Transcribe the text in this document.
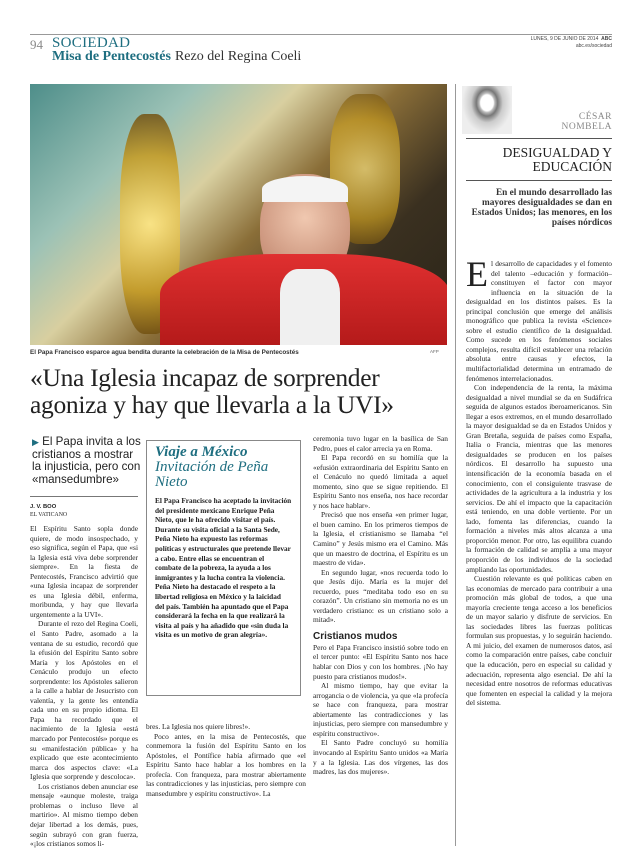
94 SOCIEDAD
Misa de Pentecostés Rezo del Regina Coeli
LUNES, 9 DE JUNIO DE 2014 ABC
abc.es/sociedad
El Papa Francisco esparce agua bendita durante la celebración de la Misa de Pentecostés	AFP
«Una Iglesia incapaz de sorprender agoniza y hay que llevarla a la UVI»
▶ El Papa invita a los cristianos a mostrar la injusticia, pero con «mansedumbre»
J. V. BOO
EL VATICANO

El Espíritu Santo sopla donde quiere, de modo insospechado, y eso significa, según el Papa, que «si la Iglesia está viva debe sorprender siempre». En la fiesta de Pentecostés, Francisco advirtió que «una Iglesia incapaz de sorprender es una Iglesia débil, enferma, moribunda, y hay que llevarla urgentemente a la UVI».

Durante el rezo del Regina Coeli, el Santo Padre, asomado a la ventana de su estudio, recordó que la efusión del Espíritu Santo sobre María y los Apóstoles en el Cenáculo produjo un efecto sorprendente: los Apóstoles salieron a la calle a hablar de Jesucristo con valentía, y la gente les entendía cada uno en su propio idioma. El Papa ha recordado que el nacimiento de la Iglesia «está marcado por Pentecostés» porque es su «manifestación pública» y ha explicado que este acontecimiento marca dos aspectos clave: «La Iglesia que sorprende y descoloca».

Los cristianos deben anunciar ese mensaje «aunque moleste, traiga problemas o incluso lleve al martirio». Al mismo tiempo deben dejar libertad a los demás, pues, según subrayó con gran fuerza, «¡los cristianos somos li-

Viaje a México
Invitación de Peña Nieto
El Papa Francisco ha aceptado la invitación del presidente mexicano Enrique Peña Nieto, que le ha ofrecido visitar el país. Durante su visita oficial a la Santa Sede, Peña Nieto ha expuesto las reformas políticas y estructurales que pretende llevar a cabo. Entre ellas se encuentran el combate de la pobreza, la ayuda a los inmigrantes y la lucha contra la violencia. Peña Nieto ha destacado el respeto a la libertad religiosa en México y la laicidad del país. También ha apuntado que el Papa considerará la fecha en la que realizará la visita al país y ha añadido que «sin duda la visita es un motivo de gran alegría».

bres. La Iglesia nos quiere libres!».

Poco antes, en la misa de Pentecostés, que conmemora la fusión del Espíritu Santo en los Apóstoles, el Pontífice había afirmado que «el Espíritu Santo hace hablar a los hombres en la profecía. Con franqueza, para mostrar abiertamente las contradicciones y las injusticias, pero siempre con mansedumbre y espíritu constructivo». La

ceremonia tuvo lugar en la basílica de San Pedro, pues el calor arrecia ya en Roma.

El Papa recordó en su homilía que la «efusión extraordinaria del Espíritu Santo en el Cenáculo no quedó limitada a aquel momento, sino que se sigue repitiendo. El Espíritu Santo nos enseña, nos hace recordar y nos hace hablar».

Precisó que nos enseña «en primer lugar, el buen camino. En los primeros tiempos de la Iglesia, el cristianismo se llamaba “el Camino” y Jesús mismo era el Camino. Más que un maestro de doctrina, el Espíritu es un maestro de vida».

En segundo lugar, «nos recuerda todo lo que Jesús dijo. María es la mujer del recuerdo, pues “meditaba todo eso en su corazón”. Un cristiano sin memoria no es un verdadero cristiano: es un cristiano solo a mitad».

Cristianos mudos

Pero el Papa Francisco insistió sobre todo en el tercer punto: «El Espíritu Santo nos hace hablar con Dios y con los hombres. ¡No hay puesto para cristianos mudos!».

Al mismo tiempo, hay que evitar la arrogancia o de violencia, ya que «la profecía se hace con franqueza, para mostrar abiertamente las contradicciones y las injusticias, pero siempre con mansedumbre y espíritu constructivo».

El Santo Padre concluyó su homilía invocando al Espíritu Santo unidos «a María y a la Iglesia. Las dos vírgenes, las dos madres, las dos mujeres».

CÉSAR
NOMBELA
DESIGUALDAD Y EDUCACIÓN
En el mundo desarrollado las mayores desigualdades se dan en Estados Unidos; las menores, en los países nórdicos

El desarrollo de capacidades y el fomento del talento –educación y formación– constituyen el factor con mayor influencia en la situación de la desigualdad en los distintos países. Es la principal conclusión que emerge del análisis monográfico que publica la revista «Science» sobre el estudio científico de la desigualdad. Como sucede en los fenómenos sociales complejos, resulta difícil establecer una relación absoluta entre causas y efectos, la multifactorialidad determina un entramado de fenómenos interrelacionados.

Con independencia de la renta, la máxima desigualdad a nivel mundial se da en Sudáfrica seguida de algunos estados iberoamericanos. Sin llegar a esos extremos, en el mundo desarrollado la mayor desigualdad se da en Estados Unidos y Gran Bretaña, seguida de países como España, Italia o Francia, mientras que las menores desigualdades se producen en los países nórdicos. El desarrollo ha supuesto una intensificación de la economía basada en el conocimiento, con el consiguiente trasvase de actividades de la agricultura a la industria y los servicios. De ahí el impacto que la capacitación está teniendo, en una doble vertiente. Por un lado, fomenta las diferencias, cuando la formación a niveles más altos alcanza a una proporción menor. Por otro, las equilibra cuando la formación de calidad se amplía a una mayor proporción de los individuos de la sociedad ampliando las oportunidades.

Cuestión relevante es qué políticas caben en las economías de mercado para contribuir a una promoción más global de todos, a que una mayoría creciente tenga acceso a los beneficios de un mayor salario y disfrute de servicios. En las sociedades libres las fuerzas políticas formulan sus propuestas, y lo seguirán haciendo. A mi juicio, del examen de numerosos datos, así como la comparación entre países, cabe concluir que la educación, pero en especial su calidad y adecuación, representa algo esencial. De ahí la necesidad entre nosotros de reformas educativas que fomenten en especial la calidad y la mejora del sistema.
